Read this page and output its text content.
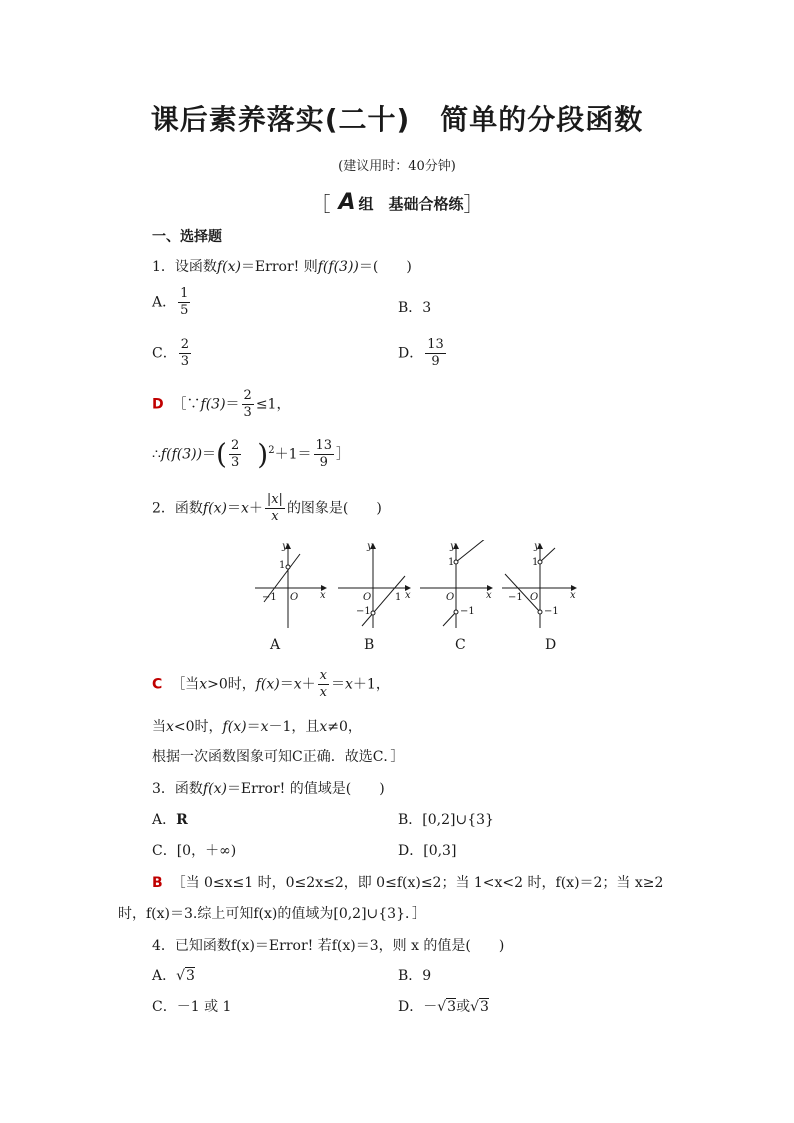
课后素养落实(二十) 简单的分段函数
(建议用时：40分钟)
［ A 组　基础合格练］
一、选择题
1．设函数f(x)＝Error! 则f(f(3))＝(　　)
A． $\frac{1}{5}$	B．3
C． $\frac{2}{3}$	D． $\frac{13}{9}$
D ［∵f(3)＝ $\frac{2}{3} \le 1$，
∴f(f(3))＝( $\frac{2}{3} )^2+1= \frac{13}{9}$ ］
2．函数$f(x)=x+ \frac{|x|}{x}$ 的图象是(　　)
y
x
O
1
−1
y
x
O 1
−1
y
x
O
1
−1
y
x
O
1
−1
−1
A	B	C	D
C ［当x>0时，$f(x)=x+ \frac{x}{x} =x+1$，
当x<0时，f(x)＝x－1，且x≠0，
根据一次函数图象可知C正确．故选C．］
3．函数f(x)＝Error! 的值域是(　　)
A．R	B．[0,2]∪{3}
C．[0，＋∞)	D．[0,3]
B ［当 0≤x≤1 时，0≤2x≤2，即 0≤f(x)≤2；当 1<x<2 时，f(x)＝2；当 x≥2
时，f(x)＝3.综上可知f(x)的值域为[0,2]∪{3}．］
4．已知函数f(x)＝Error! 若f(x)＝3，则 x 的值是(　　)
A．√3	B．9
C．－1 或 1	D．－√3或√3
